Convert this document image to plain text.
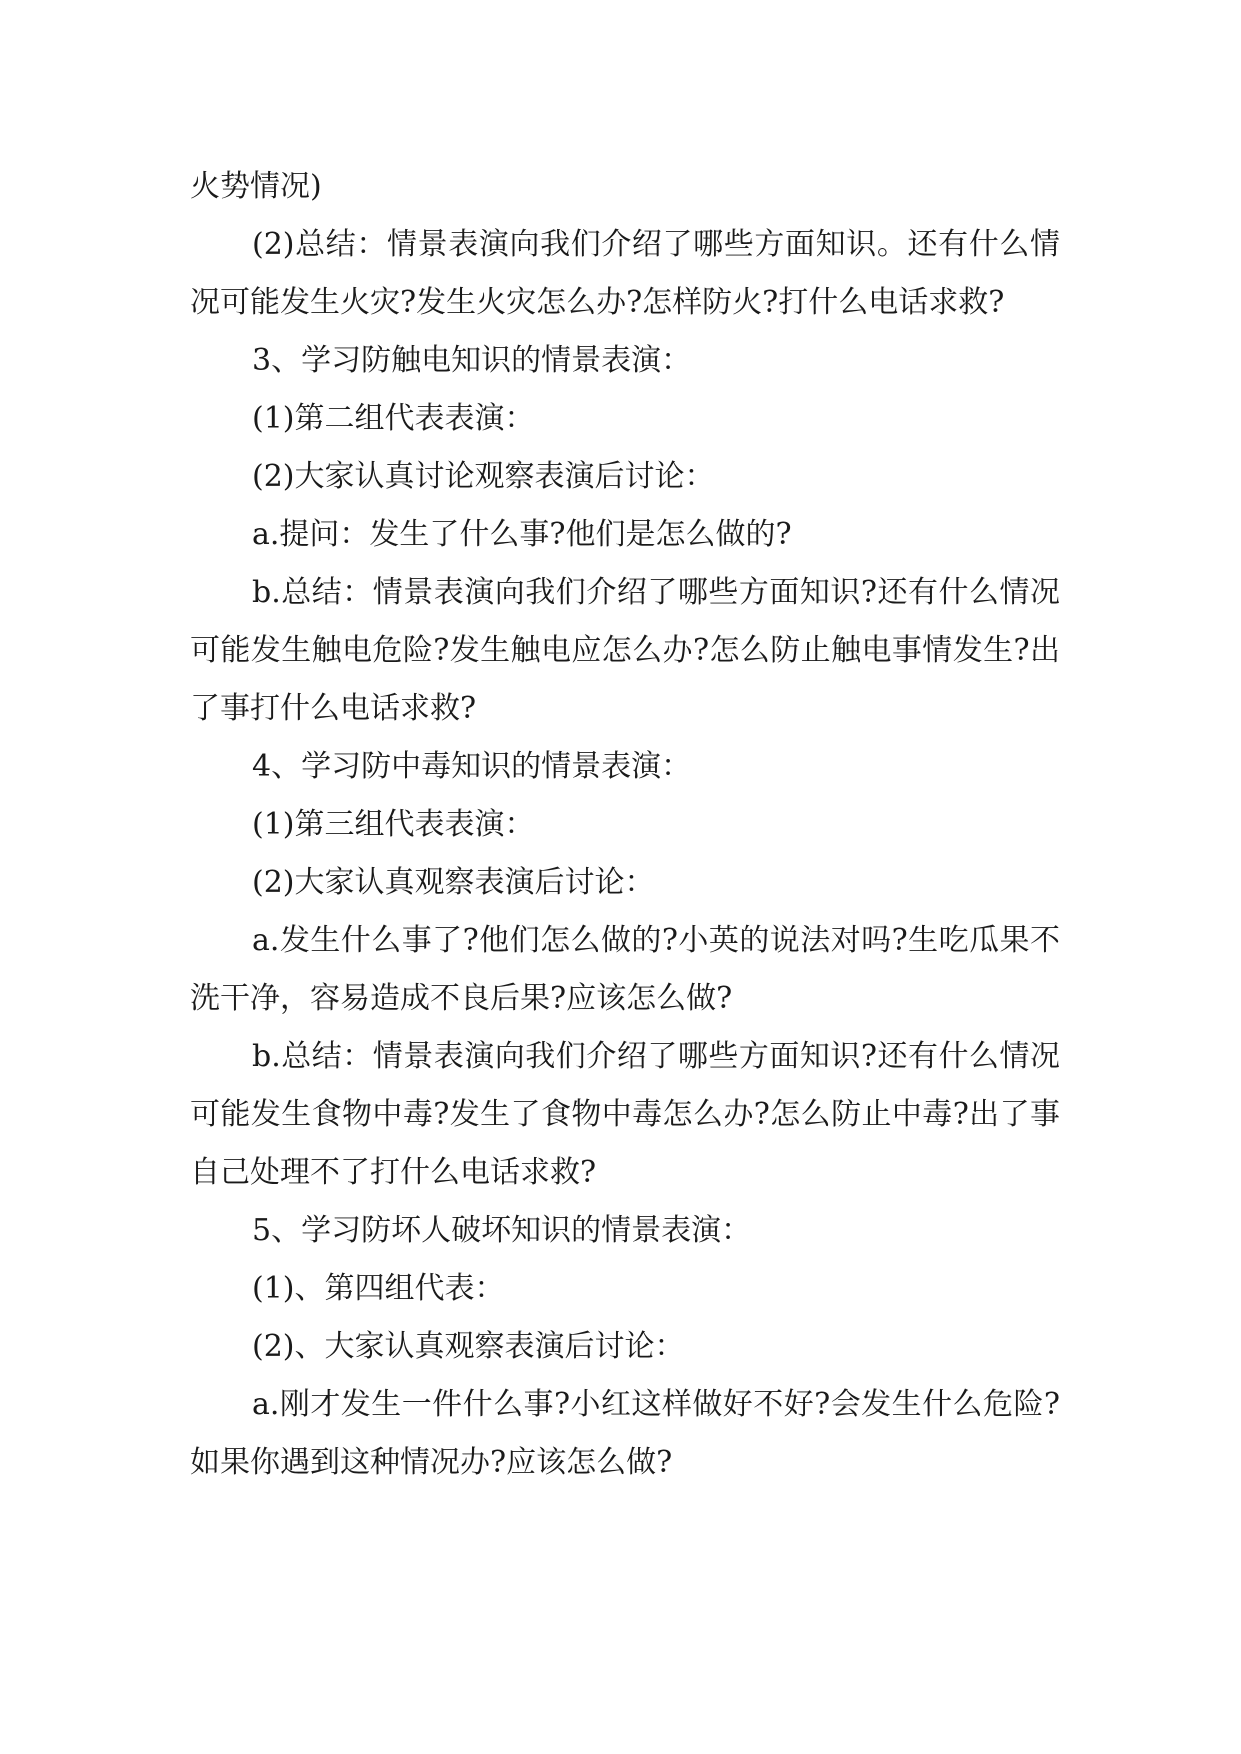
火势情况)

(2)总结：情景表演向我们介绍了哪些方面知识。还有什么情况可能发生火灾?发生火灾怎么办?怎样防火?打什么电话求救?

3、学习防触电知识的情景表演：

(1)第二组代表表演：

(2)大家认真讨论观察表演后讨论：

a.提问：发生了什么事?他们是怎么做的?

b.总结：情景表演向我们介绍了哪些方面知识?还有什么情况可能发生触电危险?发生触电应怎么办?怎么防止触电事情发生?出了事打什么电话求救?

4、学习防中毒知识的情景表演：

(1)第三组代表表演：

(2)大家认真观察表演后讨论：

a.发生什么事了?他们怎么做的?小英的说法对吗?生吃瓜果不洗干净，容易造成不良后果?应该怎么做?

b.总结：情景表演向我们介绍了哪些方面知识?还有什么情况可能发生食物中毒?发生了食物中毒怎么办?怎么防止中毒?出了事自己处理不了打什么电话求救?

5、学习防坏人破坏知识的情景表演：

(1)、第四组代表：

(2)、大家认真观察表演后讨论：

a.刚才发生一件什么事?小红这样做好不好?会发生什么危险?如果你遇到这种情况办?应该怎么做?
